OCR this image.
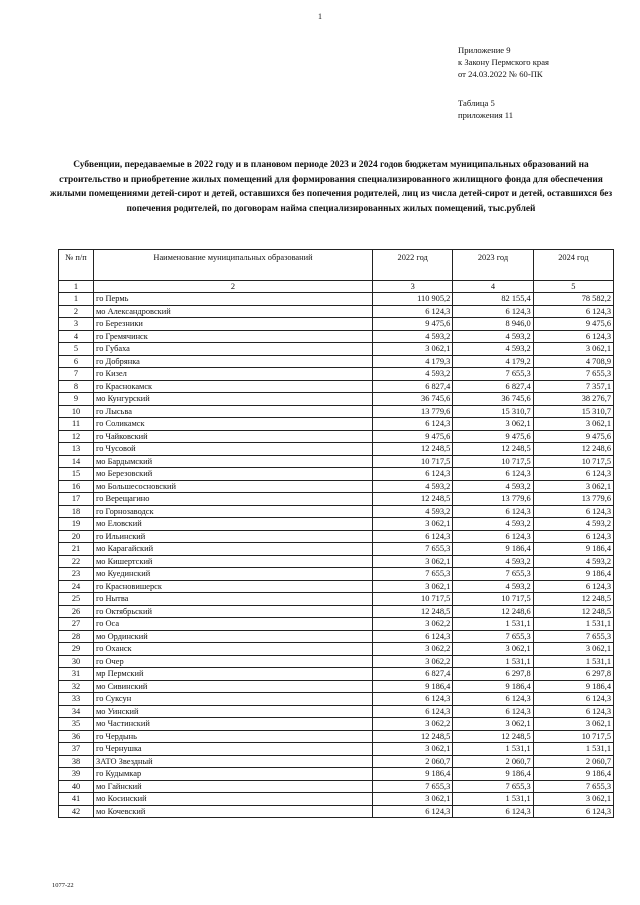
1
Приложение 9
к Закону Пермского края
от 24.03.2022 № 60-ПК
Таблица 5
приложения 11
Субвенции, передаваемые в 2022 году и в плановом периоде 2023 и 2024 годов бюджетам муниципальных образований на строительство и приобретение жилых помещений для формирования специализированного жилищного фонда для обеспечения жилыми помещениями детей-сирот и детей, оставшихся без попечения родителей, лиц из числа детей-сирот и детей, оставшихся без попечения родителей, по договорам найма специализированных жилых помещений, тыс.рублей
№ п/п	Наименование муниципальных образований	2022 год	2023 год	2024 год
1	2	3	4	5
1	го Пермь	110 905,2	82 155,4	78 582,2
2	мо Александровский	6 124,3	6 124,3	6 124,3
3	го Березники	9 475,6	8 946,0	9 475,6
4	го Гремячинск	4 593,2	4 593,2	6 124,3
5	го Губаха	3 062,1	4 593,2	3 062,1
6	го Добрянка	4 179,3	4 179,2	4 708,9
7	го Кизел	4 593,2	7 655,3	7 655,3
8	го Краснокамск	6 827,4	6 827,4	7 357,1
9	мо Кунгурский	36 745,6	36 745,6	38 276,7
10	го Лысьва	13 779,6	15 310,7	15 310,7
11	го Соликамск	6 124,3	3 062,1	3 062,1
12	го Чайковский	9 475,6	9 475,6	9 475,6
13	го Чусовой	12 248,5	12 248,5	12 248,6
14	мо Бардымский	10 717,5	10 717,5	10 717,5
15	мо Березовский	6 124,3	6 124,3	6 124,3
16	мо Большесосновский	4 593,2	4 593,2	3 062,1
17	го Верещагино	12 248,5	13 779,6	13 779,6
18	го Горнозаводск	4 593,2	6 124,3	6 124,3
19	мо Еловский	3 062,1	4 593,2	4 593,2
20	го Ильинский	6 124,3	6 124,3	6 124,3
21	мо Карагайский	7 655,3	9 186,4	9 186,4
22	мо Кишертский	3 062,1	4 593,2	4 593,2
23	мо Куединский	7 655,3	7 655,3	9 186,4
24	го Красновишерск	3 062,1	4 593,2	6 124,3
25	го Нытва	10 717,5	10 717,5	12 248,5
26	го Октябрьский	12 248,5	12 248,6	12 248,5
27	го Оса	3 062,2	1 531,1	1 531,1
28	мо Ординский	6 124,3	7 655,3	7 655,3
29	го Оханск	3 062,2	3 062,1	3 062,1
30	го Очер	3 062,2	1 531,1	1 531,1
31	мр Пермский	6 827,4	6 297,8	6 297,8
32	мо Сивинский	9 186,4	9 186,4	9 186,4
33	го Суксун	6 124,3	6 124,3	6 124,3
34	мо Уинский	6 124,3	6 124,3	6 124,3
35	мо Частинский	3 062,2	3 062,1	3 062,1
36	го Чердынь	12 248,5	12 248,5	10 717,5
37	го Чернушка	3 062,1	1 531,1	1 531,1
38	ЗАТО Звездный	2 060,7	2 060,7	2 060,7
39	го Кудымкар	9 186,4	9 186,4	9 186,4
40	мо Гайнский	7 655,3	7 655,3	7 655,3
41	мо Косинский	3 062,1	1 531,1	3 062,1
42	мо Кочевский	6 124,3	6 124,3	6 124,3
1077-22
